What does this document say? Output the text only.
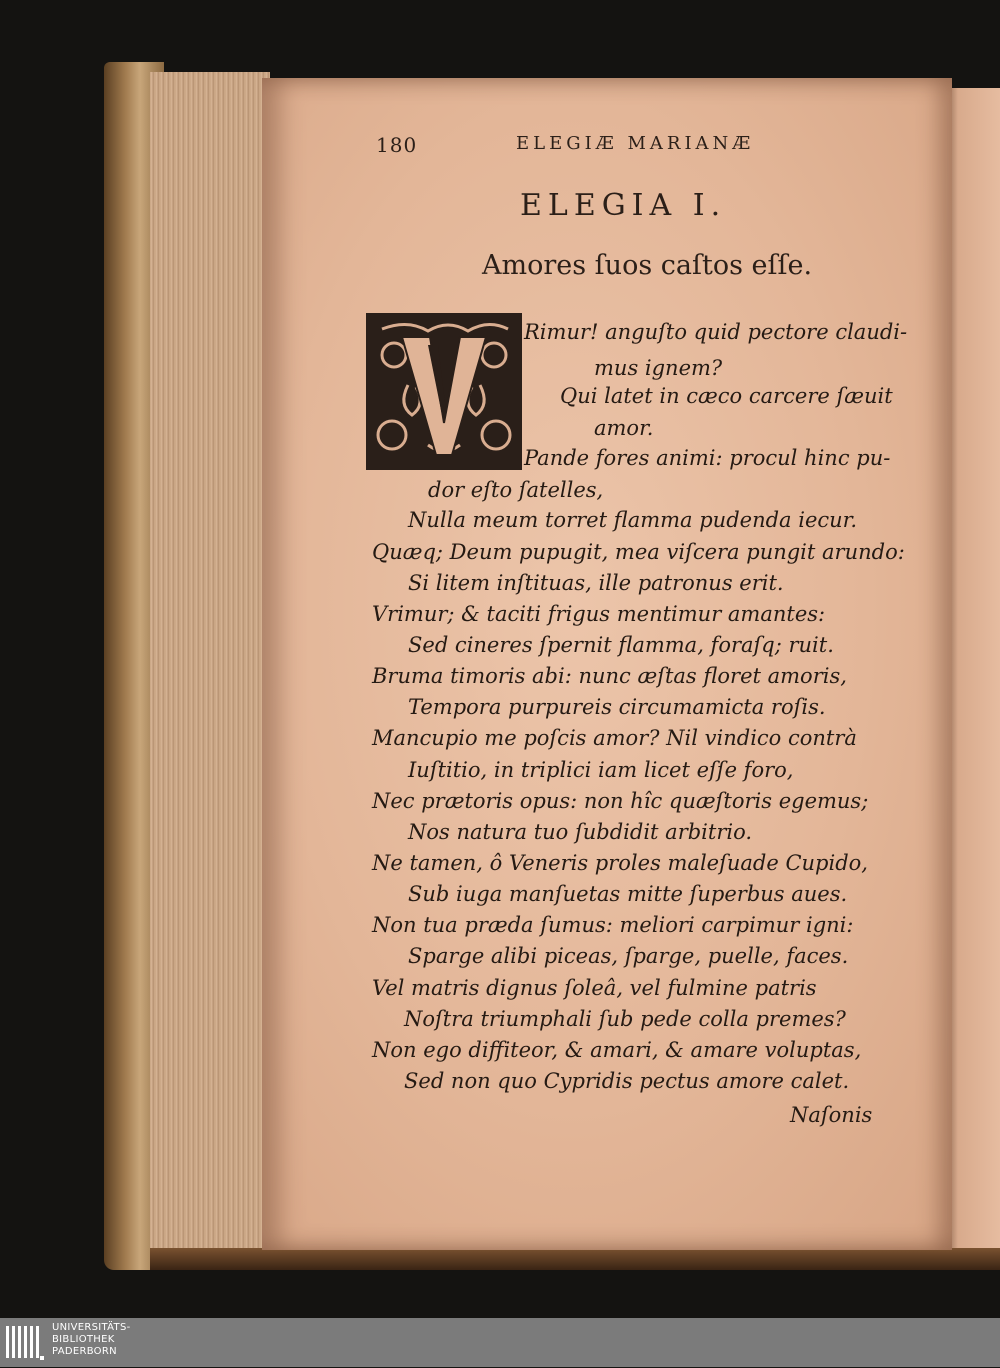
180	ELEGIÆ MARIANÆ

ELEGIA I.
Amores ſuos caſtos eſſe.

Rimur! anguſto quid pectore claudi-

mus ignem?

Qui latet in cæco carcere ſæuit

amor.

Pande fores animi: procul hinc pu-

dor eſto ſatelles,

Nulla meum torret flamma pudenda iecur.

Quæq; Deum pupugit, mea viſcera pungit arundo:

Si litem inſtituas, ille patronus erit.

Vrimur; & taciti frigus mentimur amantes:

Sed cineres ſpernit flamma, foraſq; ruit.

Bruma timoris abi: nunc æſtas floret amoris,

Tempora purpureis circumamicta roſis.

Mancupio me poſcis amor? Nil vindico contrà

Iuſtitio, in triplici iam licet eſſe foro,

Nec prætoris opus: non hîc quæſtoris egemus;

Nos natura tuo ſubdidit arbitrio.

Ne tamen, ô Veneris proles maleſuade Cupido,

Sub iuga manſuetas mitte ſuperbus aues.

Non tua præda ſumus: meliori carpimur igni:

Sparge alibi piceas, ſparge, puelle, faces.

Vel matris dignus ſoleâ, vel fulmine patris

Noſtra triumphali ſub pede colla premes?

Non ego diffiteor, & amari, & amare voluptas,

Sed non quo Cypridis pectus amore calet.

Naſonis

UNIVERSITÄTS-
BIBLIOTHEK
PADERBORN
